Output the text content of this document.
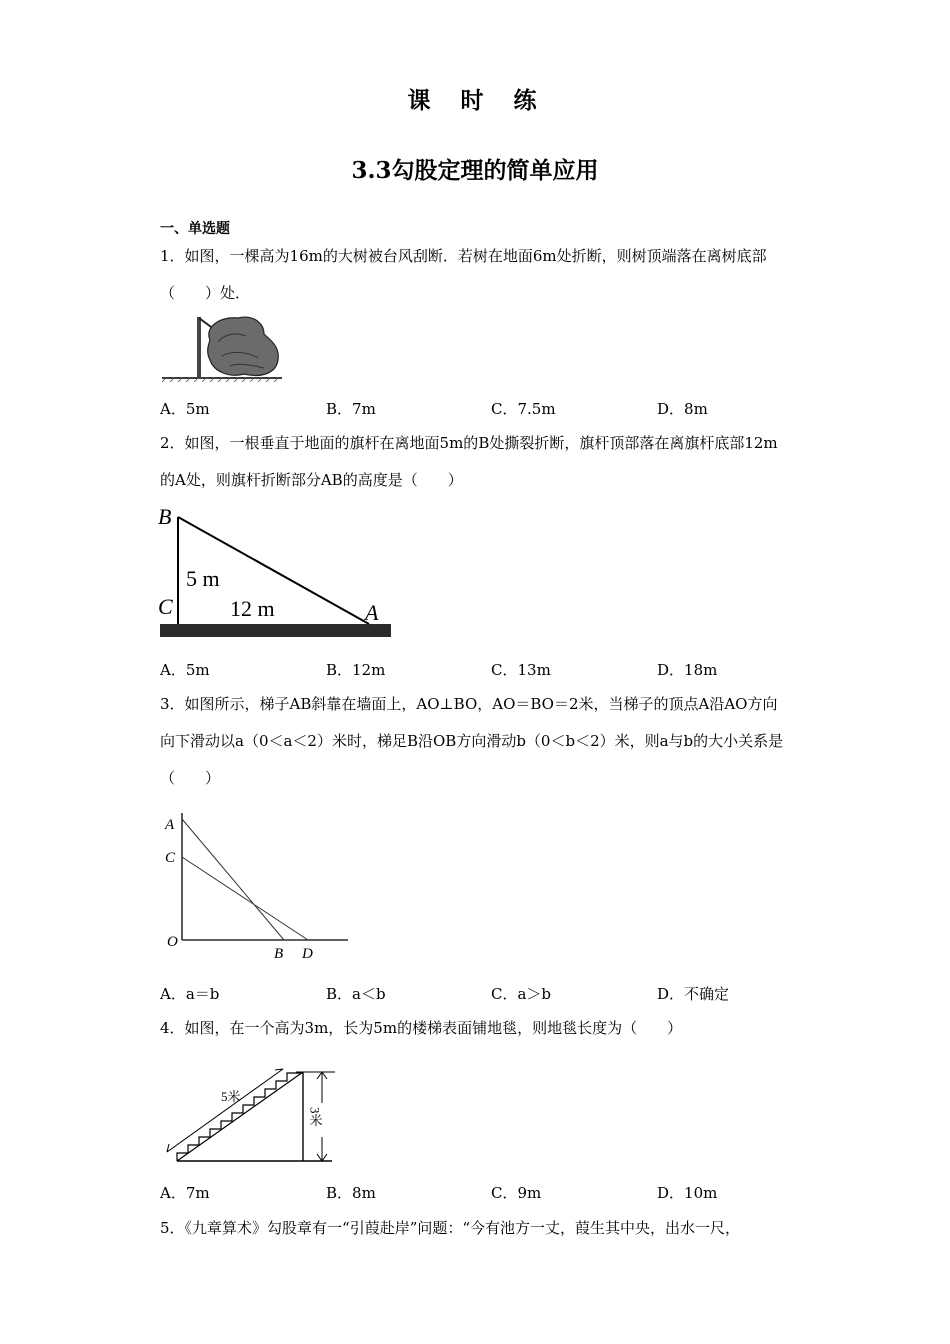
课 时 练
3.3勾股定理的简单应用
一、单选题
1．如图，一棵高为16m的大树被台风刮断．若树在地面6m处折断，则树顶端落在离树底部（　　）处．
A．5m	B．7m	C．7.5m	D．8m
2．如图，一根垂直于地面的旗杆在离地面5m的B处撕裂折断，旗杆顶部落在离旗杆底部12m的A处，则旗杆折断部分AB的高度是（　　）
B
C	A
5 m
12 m
A．5m	B．12m	C．13m	D．18m
3．如图所示，梯子AB斜靠在墙面上，AO⊥BO，AO＝BO＝2米，当梯子的顶点A沿AO方向向下滑动以a（0＜a＜2）米时，梯足B沿OB方向滑动b（0＜b＜2）米，则a与b的大小关系是（　　）
A
C
O
B D
A．a＝b	B．a＜b	C．a＞b	D．不确定
4．如图，在一个高为3m，长为5m的楼梯表面铺地毯，则地毯长度为（　　）
5米
3米
A．7m	B．8m	C．9m	D．10m
5．《九章算术》勾股章有一“引葭赴岸”问题：“今有池方一丈，葭生其中央，出水一尺，
